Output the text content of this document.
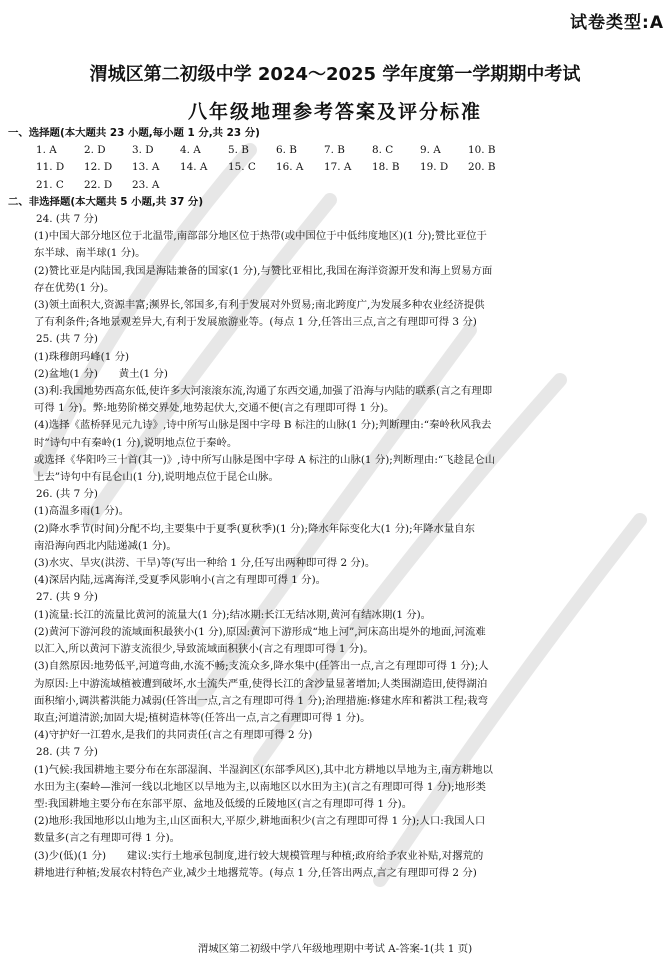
试卷类型:A
渭城区第二初级中学 2024～2025 学年度第一学期期中考试
八年级地理参考答案及评分标准
一、选择题(本大题共 23 小题,每小题 1 分,共 23 分)
1. A	2. D	3. D	4. A	5. B	6. B	7. B	8. C	9. A	10. B
11. D	12. D	13. A	14. A	15. C	16. A	17. A	18. B	19. D	20. B
21. C	22. D	23. A
二、非选择题(本大题共 5 小题,共 37 分)
24. (共 7 分)
(1)中国大部分地区位于北温带,南部部分地区位于热带(或中国位于中低纬度地区)(1 分);赞比亚位于
东半球、南半球(1 分)。
(2)赞比亚是内陆国,我国是海陆兼备的国家(1 分),与赞比亚相比,我国在海洋资源开发和海上贸易方面
存在优势(1 分)。
(3)领土面积大,资源丰富;濒界长,邻国多,有利于发展对外贸易;南北跨度广,为发展多种农业经济提供
了有利条件;各地景观差异大,有利于发展旅游业等。(每点 1 分,任答出三点,言之有理即可得 3 分)
25. (共 7 分)
(1)珠穆朗玛峰(1 分)
(2)盆地(1 分)　　黄土(1 分)
(3)利:我国地势西高东低,使许多大河滚滚东流,沟通了东西交通,加强了沿海与内陆的联系(言之有理即
可得 1 分)。弊:地势阶梯交界处,地势起伏大,交通不便(言之有理即可得 1 分)。
(4)选择《蓝桥驿见元九诗》,诗中所写山脉是图中字母 B 标注的山脉(1 分);判断理由:“秦岭秋风我去
时”诗句中有秦岭(1 分),说明地点位于秦岭。
或选择《华阳吟三十首(其一)》,诗中所写山脉是图中字母 A 标注的山脉(1 分);判断理由:“飞趁昆仑山
上去”诗句中有昆仑山(1 分),说明地点位于昆仑山脉。
26. (共 7 分)
(1)高温多雨(1 分)。
(2)降水季节(时间)分配不均,主要集中于夏季(夏秋季)(1 分);降水年际变化大(1 分);年降水量自东
南沿海向西北内陆递减(1 分)。
(3)水灾、旱灾(洪涝、干旱)等(写出一种给 1 分,任写出两种即可得 2 分)。
(4)深居内陆,远离海洋,受夏季风影响小(言之有理即可得 1 分)。
27. (共 9 分)
(1)流量:长江的流量比黄河的流量大(1 分);结冰期:长江无结冰期,黄河有结冰期(1 分)。
(2)黄河下游河段的流域面积最狭小(1 分),原因:黄河下游形成“地上河”,河床高出堤外的地面,河流难
以汇入,所以黄河下游支流很少,导致流域面积狭小(言之有理即可得 1 分)。
(3)自然原因:地势低平,河道弯曲,水流不畅;支流众多,降水集中(任答出一点,言之有理即可得 1 分);人
为原因:上中游流域植被遭到破坏,水土流失严重,使得长江的含沙量显著增加;人类围湖造田,使得湖泊
面积缩小,调洪蓄洪能力减弱(任答出一点,言之有理即可得 1 分);治理措施:修建水库和蓄洪工程;栽弯
取直;河道清淤;加固大堤;植树造林等(任答出一点,言之有理即可得 1 分)。
(4)守护好一江碧水,是我们的共同责任(言之有理即可得 2 分)
28. (共 7 分)
(1)气候:我国耕地主要分布在东部湿润、半湿润区(东部季风区),其中北方耕地以旱地为主,南方耕地以
水田为主(秦岭—淮河一线以北地区以旱地为主,以南地区以水田为主)(言之有理即可得 1 分);地形类
型:我国耕地主要分布在东部平原、盆地及低缓的丘陵地区(言之有理即可得 1 分)。
(2)地形:我国地形以山地为主,山区面积大,平原少,耕地面积少(言之有理即可得 1 分);人口:我国人口
数量多(言之有理即可得 1 分)。
(3)少(低)(1 分)　　建议:实行土地承包制度,进行较大规模管理与种植;政府给予农业补贴,对撂荒的
耕地进行种植;发展农村特色产业,减少土地撂荒等。(每点 1 分,任答出两点,言之有理即可得 2 分)
渭城区第二初级中学八年级地理期中考试 A-答案-1(共 1 页)
